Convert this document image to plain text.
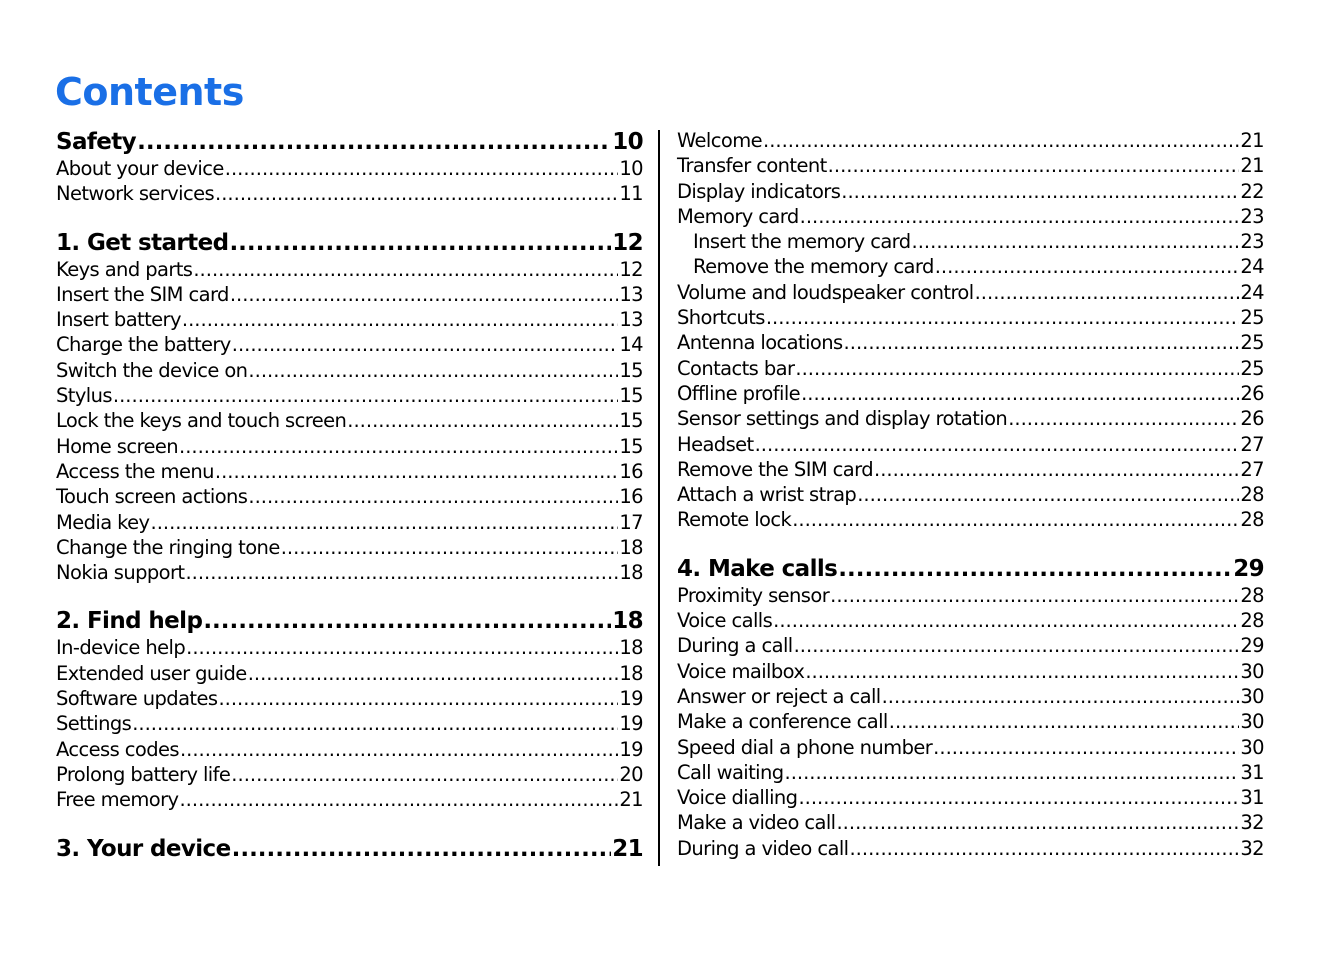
Contents
Safety .....	10
About your device .....	10
Network services .....	11
1. Get started .....	12
Keys and parts .....	12
Insert the SIM card .....	13
Insert battery .....	13
Charge the battery .....	14
Switch the device on .....	15
Stylus .....	15
Lock the keys and touch screen .....	15
Home screen .....	15
Access the menu .....	16
Touch screen actions .....	16
Media key .....	17
Change the ringing tone .....	18
Nokia support .....	18
2. Find help .....	18
In-device help .....	18
Extended user guide .....	18
Software updates .....	19
Settings .....	19
Access codes .....	19
Prolong battery life .....	20
Free memory .....	21
3. Your device .....	21
Welcome .....	21
Transfer content .....	21
Display indicators .....	22
Memory card .....	23
Insert the memory card .....	23
Remove the memory card .....	24
Volume and loudspeaker control .....	24
Shortcuts .....	25
Antenna locations .....	25
Contacts bar .....	25
Offline profile .....	26
Sensor settings and display rotation .....	26
Headset .....	27
Remove the SIM card .....	27
Attach a wrist strap .....	28
Remote lock .....	28
4. Make calls .....	29
Proximity sensor .....	28
Voice calls .....	28
During a call .....	29
Voice mailbox .....	30
Answer or reject a call .....	30
Make a conference call .....	30
Speed dial a phone number .....	30
Call waiting .....	31
Voice dialling .....	31
Make a video call .....	32
During a video call .....	32
